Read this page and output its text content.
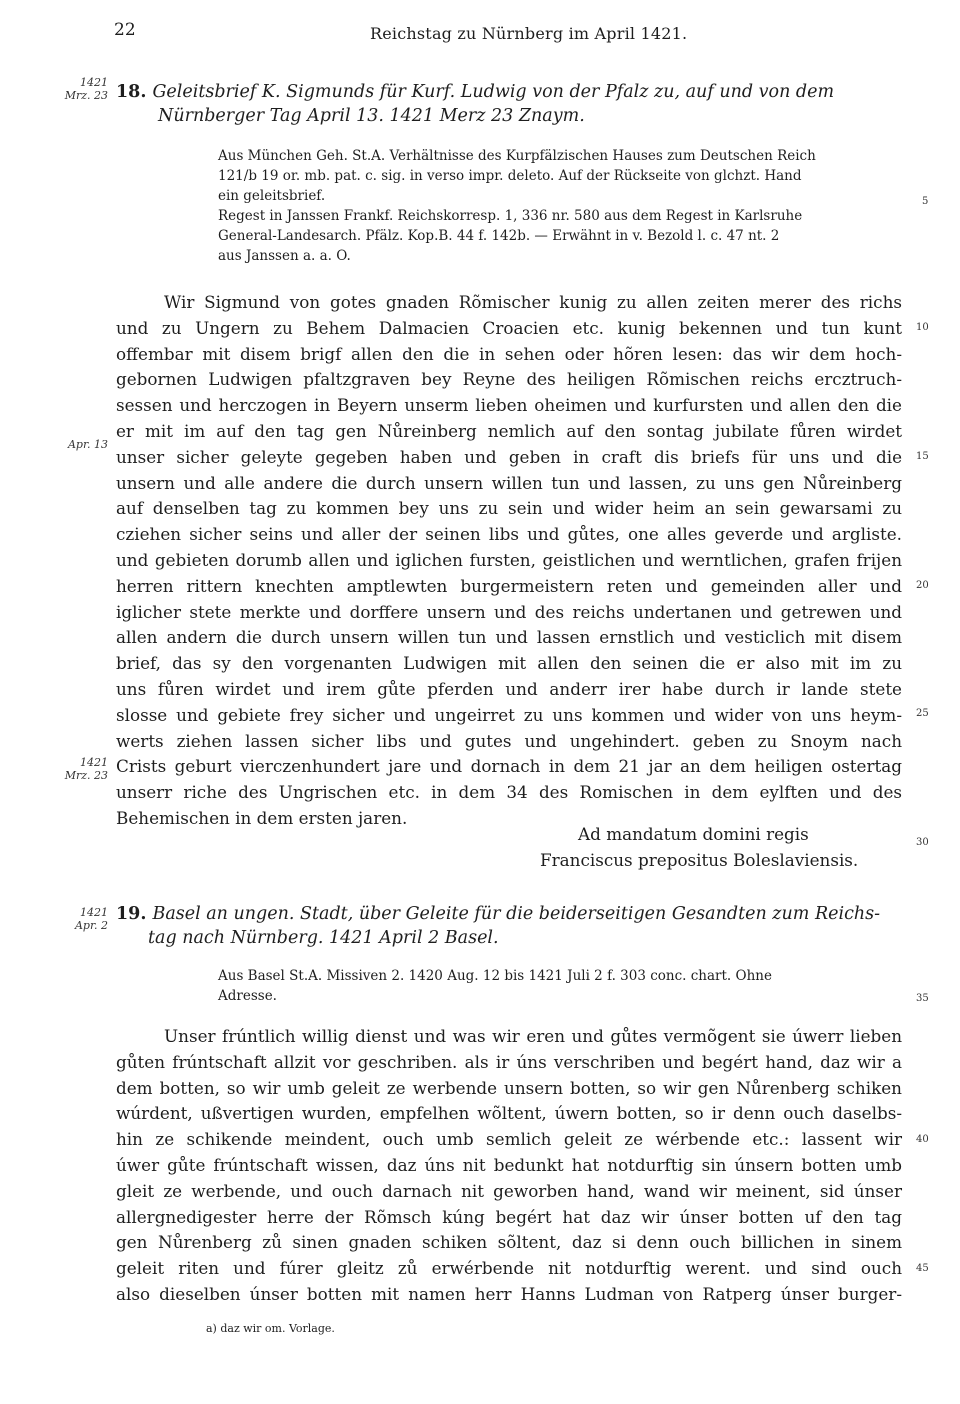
22	Reichstag zu Nürnberg im April 1421.
1421
Mrz. 23 18. Geleitsbrief K. Sigmunds für Kurf. Ludwig von der Pfalz zu, auf und von dem
Nürnberger Tag April 13. 1421 Merz 23 Znaym.
Aus München Geh. St.A. Verhältnisse des Kurpfälzischen Hauses zum Deutschen Reich
121/b 19 or. mb. pat. c. sig. in verso impr. deleto. Auf der Rückseite von glchzt. Hand
ein geleitsbrief.
Regest in Janssen Frankf. Reichskorresp. 1, 336 nr. 580 aus dem Regest in Karlsruhe
General-Landesarch. Pfälz. Kop.B. 44 f. 142b. — Erwähnt in v. Bezold l. c. 47 nt. 2
aus Janssen a. a. O.
Wir Sigmund von gotes gnaden Rõmischer kunig zu allen zeiten merer des richs
und zu Ungern zu Behem Dalmacien Croacien etc. kunig bekennen und tun kunt
offembar mit disem brigf allen den die in sehen oder hõren lesen: das wir dem hoch-
gebornen Ludwigen pfaltzgraven bey Reyne des heiligen Rõmischen reichs ercztruch-
sessen und herczogen in Beyern unserm lieben oheimen und kurfursten und allen den die
er mit im auf den tag gen Nůreinberg nemlich auf den sontag jubilate fůren wirdet
unser sicher geleyte gegeben haben und geben in craft dis briefs für uns und die
unsern und alle andere die durch unsern willen tun und lassen, zu uns gen Nůreinberg
auf denselben tag zu kommen bey uns zu sein und wider heim an sein gewarsami zu
cziehen sicher seins und aller der seinen libs und gůtes, one alles geverde und argliste.
und gebieten dorumb allen und iglichen fursten, geistlichen und werntlichen, grafen frijen
herren rittern knechten amptlewten burgermeistern reten und gemeinden aller und
iglicher stete merkte und dorffere unsern und des reichs undertanen und getrewen und
allen andern die durch unsern willen tun und lassen ernstlich und vesticlich mit disem
brief, das sy den vorgenanten Ludwigen mit allen den seinen die er also mit im zu
uns fůren wirdet und irem gůte pferden und anderr irer habe durch ir lande stete
slosse und gebiete frey sicher und ungeirret zu uns kommen und wider von uns heym-
werts ziehen lassen sicher libs und gutes und ungehindert. geben zu Snoym nach
Crists geburt vierczenhundert jare und dornach in dem 21 jar an dem heiligen ostertag
unserr riche des Ungrischen etc. in dem 34 des Romischen in dem eylften und des
Behemischen in dem ersten jaren.
Apr. 13
1421
Mrz. 23
Ad mandatum domini regis
Franciscus prepositus Boleslaviensis.
1421
Apr. 2
19. Basel an ungen. Stadt, über Geleite für die beiderseitigen Gesandten zum Reichs-
tag nach Nürnberg. 1421 April 2 Basel.
Aus Basel St.A. Missiven 2. 1420 Aug. 12 bis 1421 Juli 2 f. 303 conc. chart. Ohne
Adresse.
Unser frúntlich willig dienst und was wir eren und gůtes vermõgent sie úwerr lieben
gůten frúntschaft allzit vor geschriben. als ir úns verschriben und begért hand, daz wir a
dem botten, so wir umb geleit ze werbende unsern botten, so wir gen Nůrenberg schiken
wúrdent, ußvertigen wurden, empfelhen wõltent, úwern botten, so ir denn ouch daselbs-
hin ze schikende meindent, ouch umb semlich geleit ze wérbende etc.: lassent wir
úwer gůte frúntschaft wissen, daz úns nit bedunkt hat notdurftig sin únsern botten umb
gleit ze werbende, und ouch darnach nit geworben hand, wand wir meinent, sid únser
allergnedigester herre der Rõmsch kúng begért hat daz wir únser botten uf den tag
gen Nůrenberg zů sinen gnaden schiken sõltent, daz si denn ouch billichen in sinem
geleit riten und fúrer gleitz zů erwérbende nit notdurftig werent. und sind ouch
also dieselben únser botten mit namen herr Hanns Ludman von Ratperg únser burger-
5
10
15
20
25
30
35
40
45
a) daz wir om. Vorlage.
